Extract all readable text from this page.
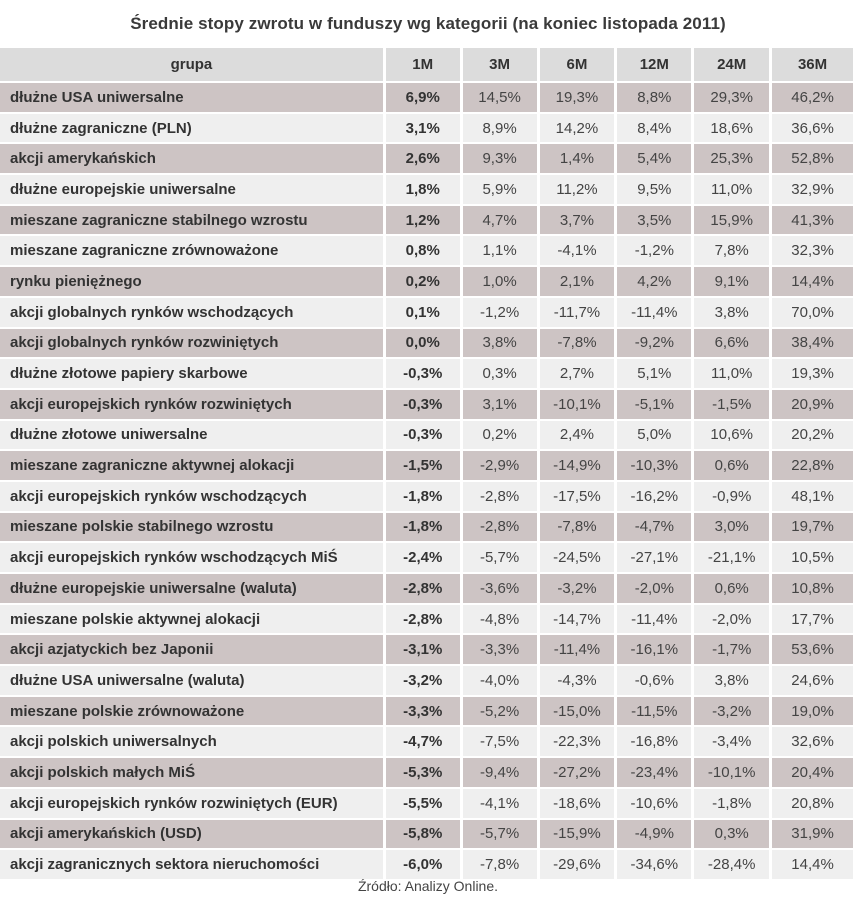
Średnie stopy zwrotu w funduszy wg kategorii (na koniec listopada 2011)
grupa	1M	3M	6M	12M	24M	36M
dłużne USA uniwersalne	6,9%	14,5%	19,3%	8,8%	29,3%	46,2%
dłużne zagraniczne (PLN)	3,1%	8,9%	14,2%	8,4%	18,6%	36,6%
akcji amerykańskich	2,6%	9,3%	1,4%	5,4%	25,3%	52,8%
dłużne europejskie uniwersalne	1,8%	5,9%	11,2%	9,5%	11,0%	32,9%
mieszane zagraniczne stabilnego wzrostu	1,2%	4,7%	3,7%	3,5%	15,9%	41,3%
mieszane zagraniczne zrównoważone	0,8%	1,1%	-4,1%	-1,2%	7,8%	32,3%
rynku pieniężnego	0,2%	1,0%	2,1%	4,2%	9,1%	14,4%
akcji globalnych rynków wschodzących	0,1%	-1,2%	-11,7%	-11,4%	3,8%	70,0%
akcji globalnych rynków rozwiniętych	0,0%	3,8%	-7,8%	-9,2%	6,6%	38,4%
dłużne złotowe papiery skarbowe	-0,3%	0,3%	2,7%	5,1%	11,0%	19,3%
akcji europejskich rynków rozwiniętych	-0,3%	3,1%	-10,1%	-5,1%	-1,5%	20,9%
dłużne złotowe uniwersalne	-0,3%	0,2%	2,4%	5,0%	10,6%	20,2%
mieszane zagraniczne aktywnej alokacji	-1,5%	-2,9%	-14,9%	-10,3%	0,6%	22,8%
akcji europejskich rynków wschodzących	-1,8%	-2,8%	-17,5%	-16,2%	-0,9%	48,1%
mieszane polskie stabilnego wzrostu	-1,8%	-2,8%	-7,8%	-4,7%	3,0%	19,7%
akcji europejskich rynków wschodzących MiŚ	-2,4%	-5,7%	-24,5%	-27,1%	-21,1%	10,5%
dłużne europejskie uniwersalne (waluta)	-2,8%	-3,6%	-3,2%	-2,0%	0,6%	10,8%
mieszane polskie aktywnej alokacji	-2,8%	-4,8%	-14,7%	-11,4%	-2,0%	17,7%
akcji azjatyckich bez Japonii	-3,1%	-3,3%	-11,4%	-16,1%	-1,7%	53,6%
dłużne USA uniwersalne (waluta)	-3,2%	-4,0%	-4,3%	-0,6%	3,8%	24,6%
mieszane polskie zrównoważone	-3,3%	-5,2%	-15,0%	-11,5%	-3,2%	19,0%
akcji polskich uniwersalnych	-4,7%	-7,5%	-22,3%	-16,8%	-3,4%	32,6%
akcji polskich małych MiŚ	-5,3%	-9,4%	-27,2%	-23,4%	-10,1%	20,4%
akcji europejskich rynków rozwiniętych (EUR)	-5,5%	-4,1%	-18,6%	-10,6%	-1,8%	20,8%
akcji amerykańskich (USD)	-5,8%	-5,7%	-15,9%	-4,9%	0,3%	31,9%
akcji zagranicznych sektora nieruchomości	-6,0%	-7,8%	-29,6%	-34,6%	-28,4%	14,4%
Źródło: Analizy Online.
